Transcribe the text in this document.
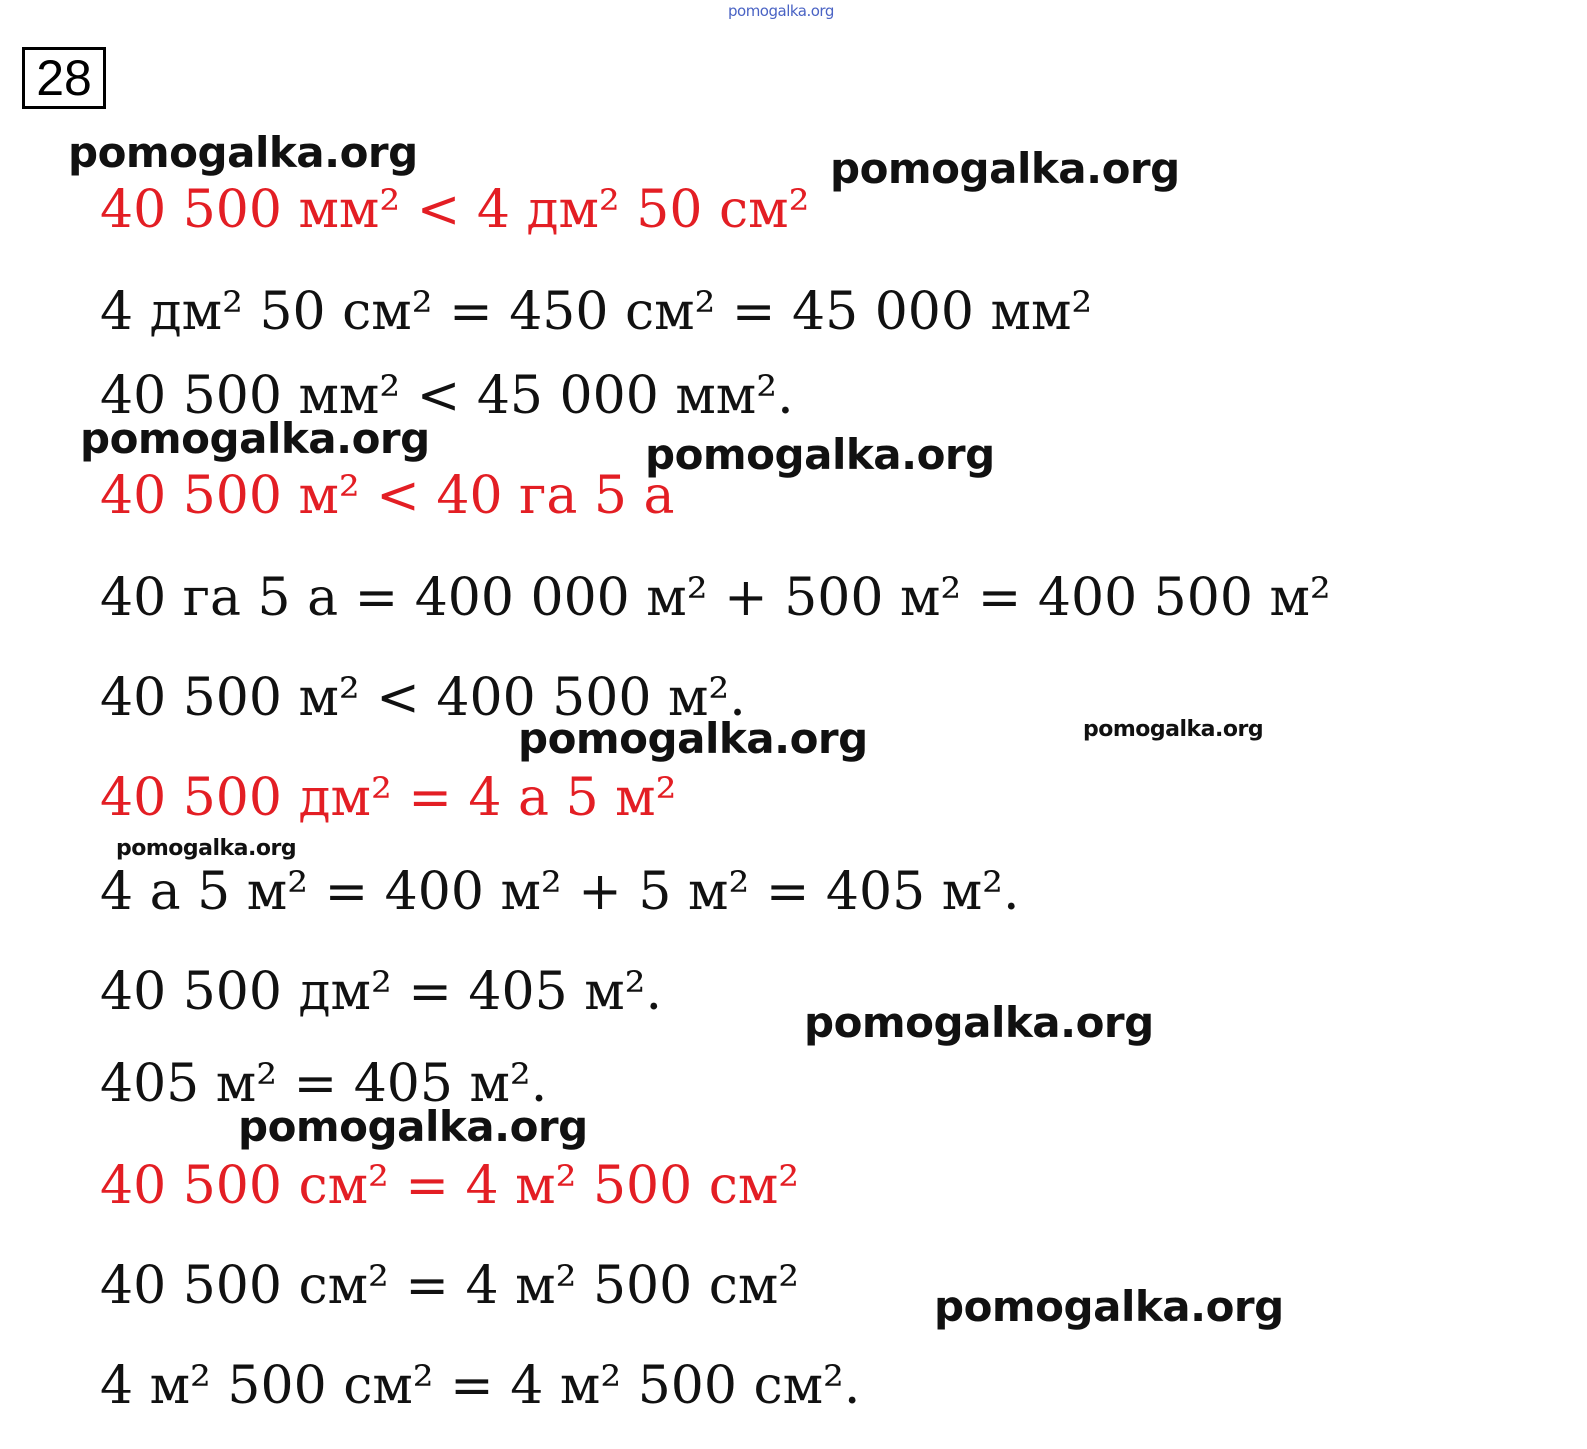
pomogalka.org
28
pomogalka.org	pomogalka.org
40 500 мм² < 4 дм² 50 см²
4 дм² 50 см² = 450 см² = 45 000 мм²
40 500 мм² < 45 000 мм².
pomogalka.org	pomogalka.org
40 500 м² < 40 га 5 а
40 га 5 а = 400 000 м² + 500 м² = 400 500 м²
40 500 м² < 400 500 м².
pomogalka.org	pomogalka.org
40 500 дм² = 4 а 5 м²
pomogalka.org
4 а 5 м² = 400 м² + 5 м² = 405 м².
40 500 дм² = 405 м².
pomogalka.org
405 м² = 405 м².
pomogalka.org
40 500 см² = 4 м² 500 см²
40 500 см² = 4 м² 500 см²	pomogalka.org
4 м² 500 см² = 4 м² 500 см².
